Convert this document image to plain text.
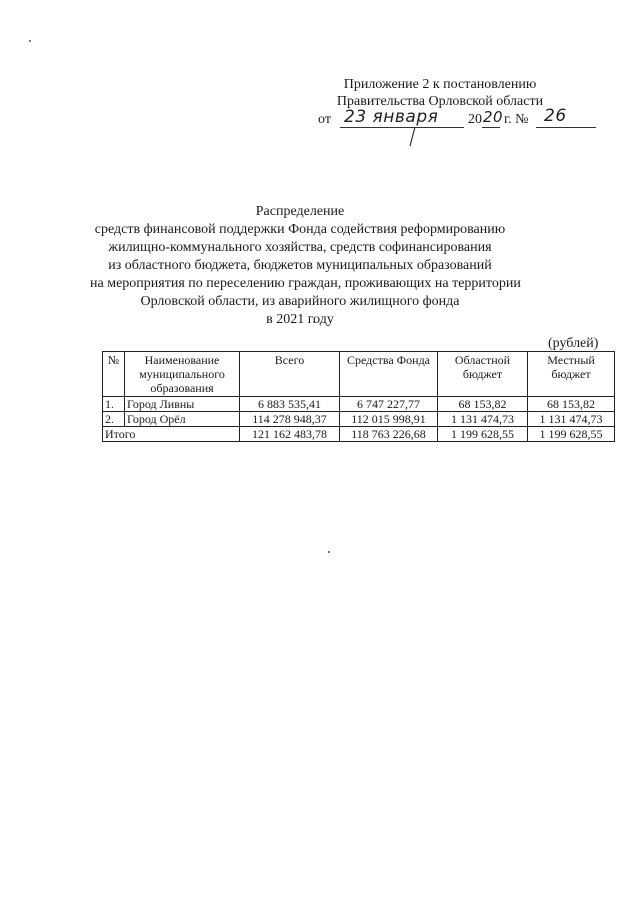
Приложение 2 к постановлению
Правительства Орловской области
от 23 января 20 20 г. № 26
Распределение
средств финансовой поддержки Фонда содействия реформированию
жилищно-коммунального хозяйства, средств софинансирования
из областного бюджета, бюджетов муниципальных образований
на мероприятия по переселению граждан, проживающих на территории
Орловской области, из аварийного жилищного фонда
в 2021 году
(рублей)
№	Наименование муниципального образования	Всего	Средства Фонда	Областной бюджет	Местный бюджет
1.	Город Ливны	6 883 535,41	6 747 227,77	68 153,82	68 153,82
2.	Город Орёл	114 278 948,37	112 015 998,91	1 131 474,73	1 131 474,73
Итого		121 162 483,78	118 763 226,68	1 199 628,55	1 199 628,55
